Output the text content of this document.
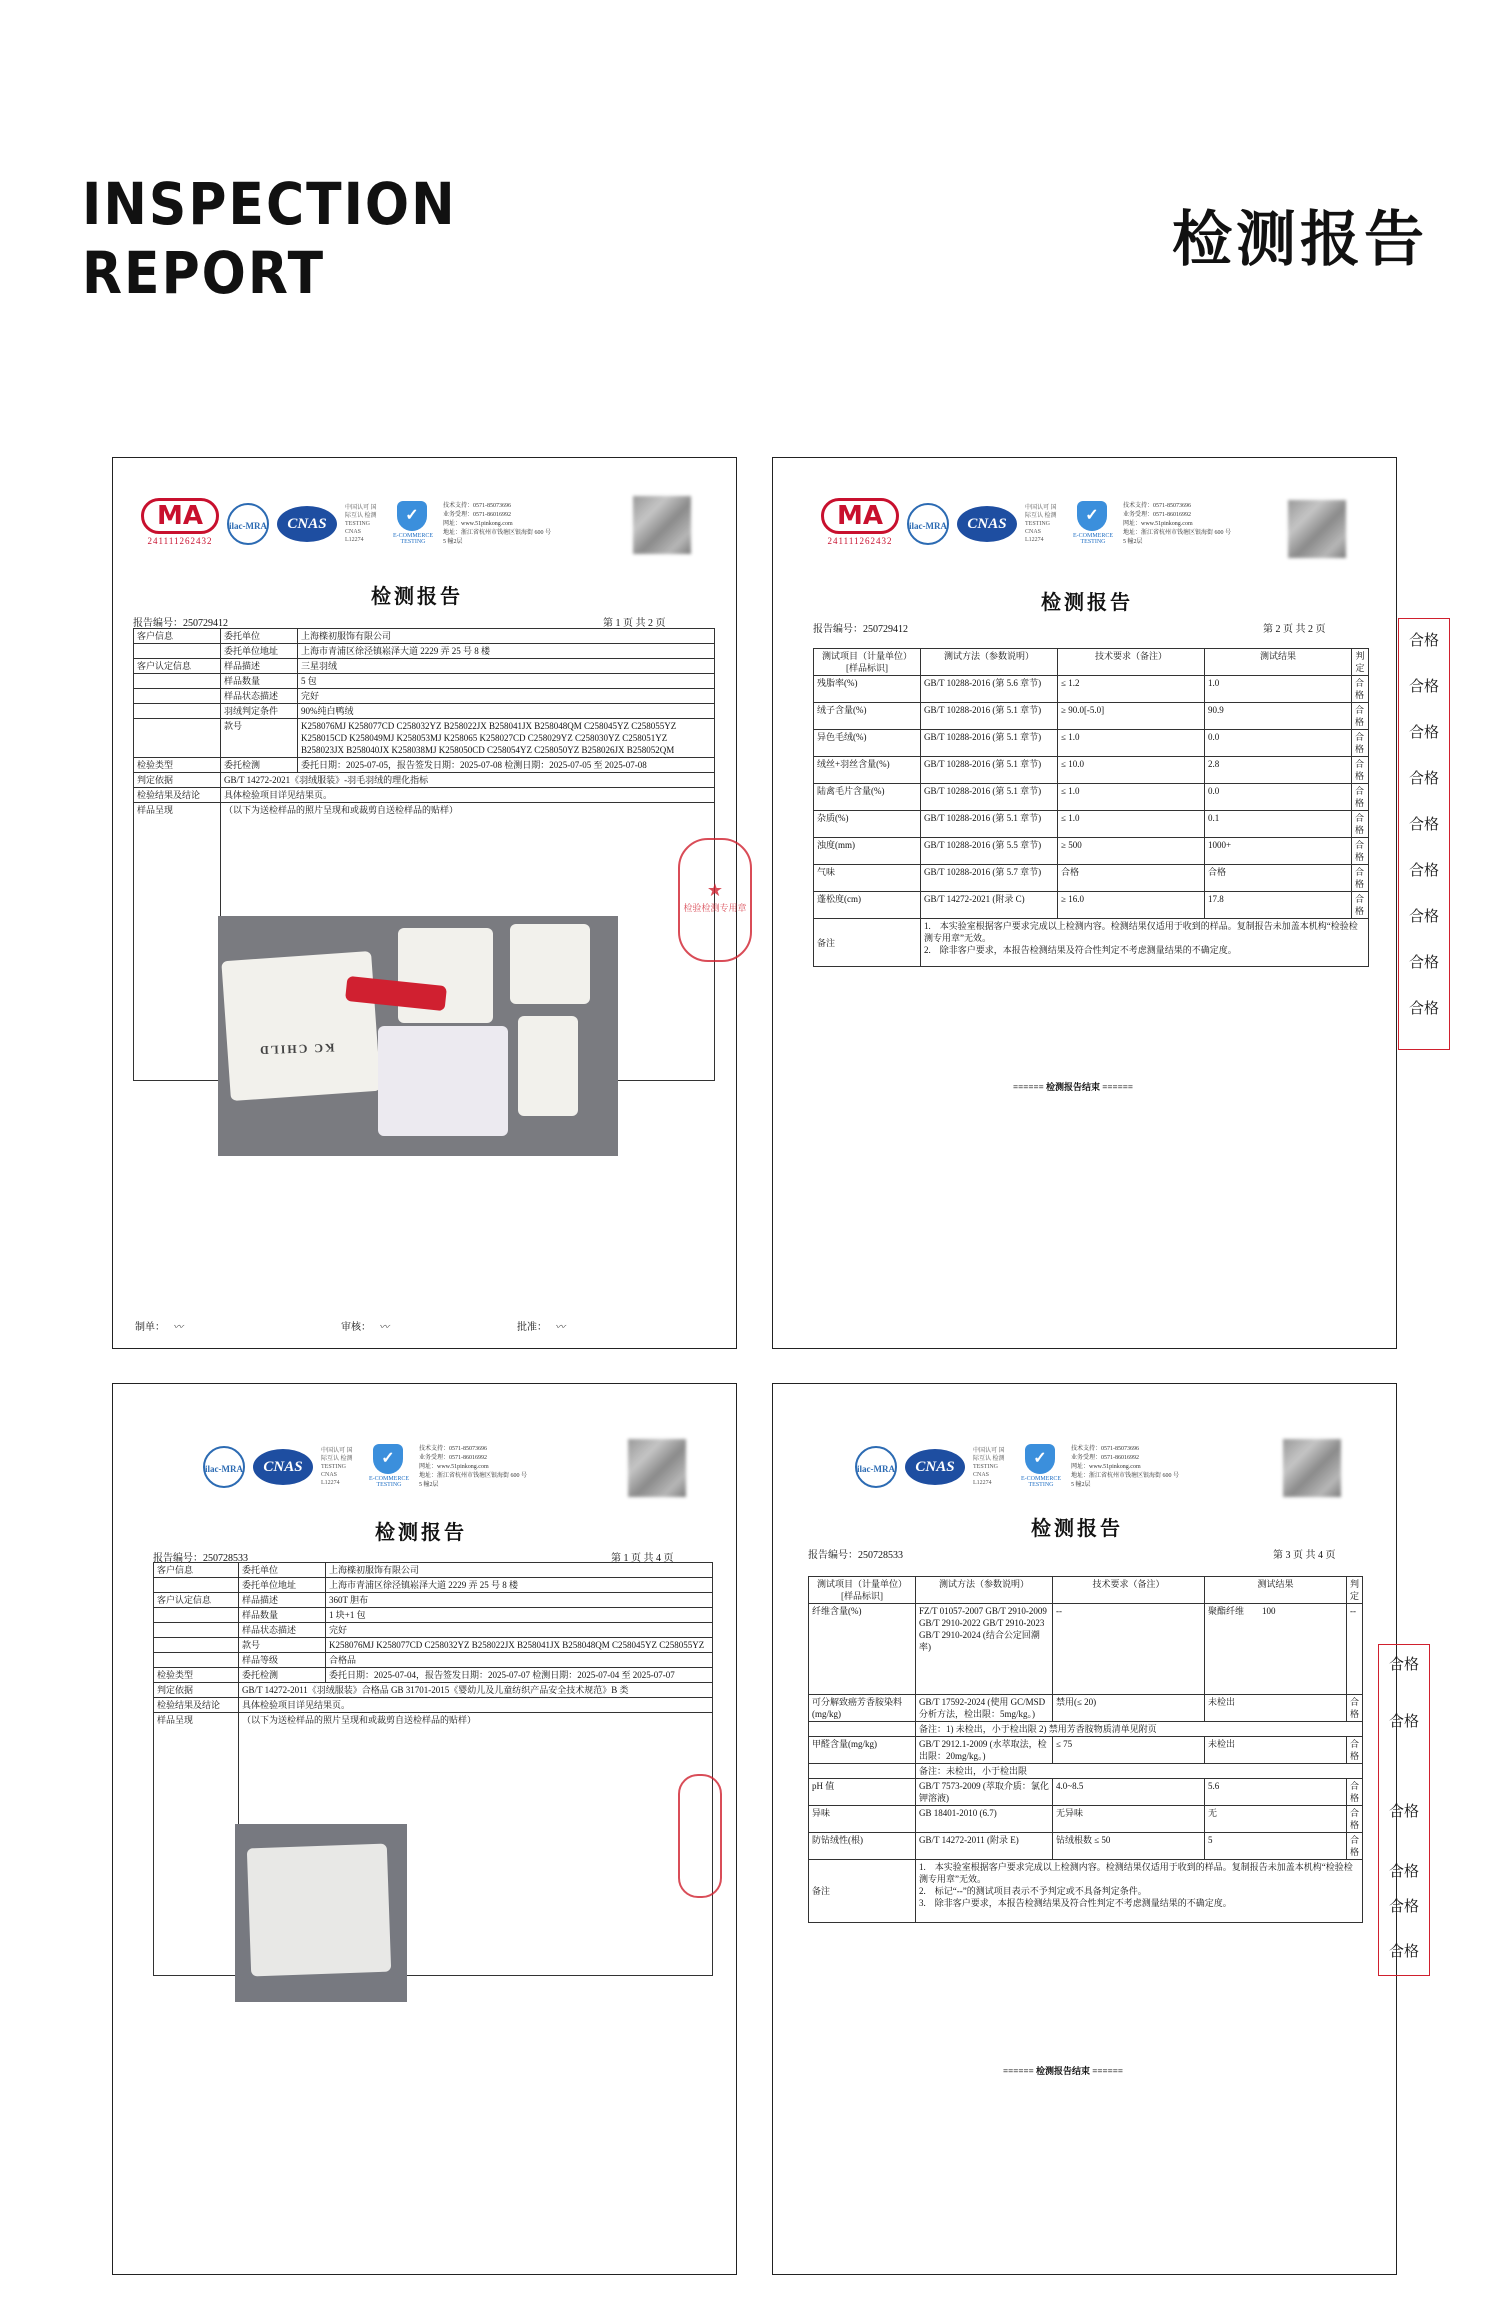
INSPECTION
REPORT	检测报告
MA
241111262432
ilac-MRA	CNAS
中国认可 国际互认 检测 TESTING CNAS L12274
✓
E-COMMERCE TESTING
技术支持：0571-85073696
业务受理：0571-86016992
网址：www.51pinkong.com
地址：浙江省杭州市钱塘区银海街 600 号 5 幢2层
检测报告
报告编号：250729412	第 1 页 共 2 页
客户信息	委托单位	上海檪初服饰有限公司
	委托单位地址	上海市青浦区徐泾镇崧泽大道 2229 弄 25 号 8 楼
客户认定信息	样品描述	三星羽绒
	样品数量	5 包
	样品状态描述	完好
	羽绒判定条件	90%纯白鸭绒
	款号	K258076MJ K258077CD C258032YZ B258022JX B258041JX B258048QM C258045YZ C258055YZ K258015CD K258049MJ K258053MJ K258065 K258027CD C258029YZ C258030YZ C258051YZ B258023JX B258040JX K258038MJ K258050CD C258054YZ C258050YZ B258026JX B258052QM
检验类型	委托检测	委托日期：2025-07-05，报告签发日期：2025-07-08 检测日期：2025-07-05 至 2025-07-08
判定依据	GB/T 14272-2021《羽绒服装》-羽毛羽绒的理化指标	
检验结果及结论	具体检验项目详见结果页。	
样品呈现	（以下为送检样品的照片呈现和或裁剪自送检样品的贴样）	
KC CHILD
制单： 〰	审核： 〰	批准： 〰
★
检验检测专用章
MA
241111262432
ilac-MRA	CNAS
中国认可 国际互认 检测 TESTING CNAS L12274
✓
E-COMMERCE TESTING
技术支持：0571-85073696
业务受理：0571-86016992
网址：www.51pinkong.com
地址：浙江省杭州市钱塘区银海街 600 号 5 幢2层
检测报告
报告编号：250729412	第 2 页 共 2 页
测试项目（计量单位）[样品标识]	测试方法（参数说明）	技术要求（备注）	测试结果	判定
残脂率(%)	GB/T 10288-2016 (第 5.6 章节)	≤ 1.2	1.0	合格
绒子含量(%)	GB/T 10288-2016 (第 5.1 章节)	≥ 90.0[-5.0]	90.9	合格
异色毛绒(%)	GB/T 10288-2016 (第 5.1 章节)	≤ 1.0	0.0	合格
绒丝+羽丝含量(%)	GB/T 10288-2016 (第 5.1 章节)	≤ 10.0	2.8	合格
陆禽毛片含量(%)	GB/T 10288-2016 (第 5.1 章节)	≤ 1.0	0.0	合格
杂质(%)	GB/T 10288-2016 (第 5.1 章节)	≤ 1.0	0.1	合格
浊度(mm)	GB/T 10288-2016 (第 5.5 章节)	≥ 500	1000+	合格
气味	GB/T 10288-2016 (第 5.7 章节)	合格	合格	合格
蓬松度(cm)	GB/T 14272-2021 (附录 C)	≥ 16.0	17.8	合格
备注	1.　本实验室根据客户要求完成以上检测内容。检测结果仅适用于收到的样品。复制报告未加盖本机构“检验检测专用章”无效。
2.　除非客户要求，本报告检测结果及符合性判定不考虑测量结果的不确定度。			
====== 检测报告结束 ======
合格
合格
合格
合格
合格
合格
合格
合格
合格
ilac-MRA	CNAS
中国认可 国际互认 检测 TESTING CNAS L12274
✓
E-COMMERCE TESTING
技术支持：0571-85073696
业务受理：0571-86016992
网址：www.51pinkong.com
地址：浙江省杭州市钱塘区银海街 600 号 5 幢2层
检测报告
报告编号：250728533	第 1 页 共 4 页
客户信息	委托单位	上海檪初服饰有限公司
	委托单位地址	上海市青浦区徐泾镇崧泽大道 2229 弄 25 号 8 楼
客户认定信息	样品描述	360T 胆布
	样品数量	1 块+1 包
	样品状态描述	完好
	款号	K258076MJ K258077CD C258032YZ B258022JX B258041JX B258048QM C258045YZ C258055YZ
	样品等级	合格品
检验类型	委托检测	委托日期：2025-07-04，报告签发日期：2025-07-07 检测日期：2025-07-04 至 2025-07-07
判定依据	GB/T 14272-2011《羽绒服装》合格品 GB 31701-2015《婴幼儿及儿童纺织产品安全技术规范》B 类	
检验结果及结论	具体检验项目详见结果页。	
样品呈现	（以下为送检样品的照片呈现和或裁剪自送检样品的贴样）	
ilac-MRA	CNAS
中国认可 国际互认 检测 TESTING CNAS L12274
✓
E-COMMERCE TESTING
技术支持：0571-85073696
业务受理：0571-86016992
网址：www.51pinkong.com
地址：浙江省杭州市钱塘区银海街 600 号 5 幢2层
检测报告
报告编号：250728533	第 3 页 共 4 页
测试项目（计量单位）[样品标识]	测试方法（参数说明）	技术要求（备注）	测试结果	判定
纤维含量(%)	FZ/T 01057-2007 GB/T 2910-2009 GB/T 2910-2022 GB/T 2910-2023 GB/T 2910-2024 (结合公定回潮率)	--	聚酯纤维　　100	--
可分解致癌芳香胺染料(mg/kg)	GB/T 17592-2024 (使用 GC/MSD 分析方法，检出限：5mg/kg。)	禁用(≤ 20)	未检出	合格
	备注：1) 未检出，小于检出限 2) 禁用芳香胺物质清单见附页			
甲醛含量(mg/kg)	GB/T 2912.1-2009 (水萃取法，检出限：20mg/kg。)	≤ 75	未检出	合格
	备注：未检出，小于检出限			
pH 值	GB/T 7573-2009 (萃取介质：氯化钾溶液)	4.0~8.5	5.6	合格
异味	GB 18401-2010 (6.7)	无异味	无	合格
防钻绒性(根)	GB/T 14272-2011 (附录 E)	钻绒根数 ≤ 50	5	合格
备注	1.　本实验室根据客户要求完成以上检测内容。检测结果仅适用于收到的样品。复制报告未加盖本机构“检验检测专用章”无效。
2.　标记“--”的测试项目表示不予判定或不具备判定条件。
3.　除非客户要求，本报告检测结果及符合性判定不考虑测量结果的不确定度。			
====== 检测报告结束 ======
合格
合格
合格
合格
合格
合格
